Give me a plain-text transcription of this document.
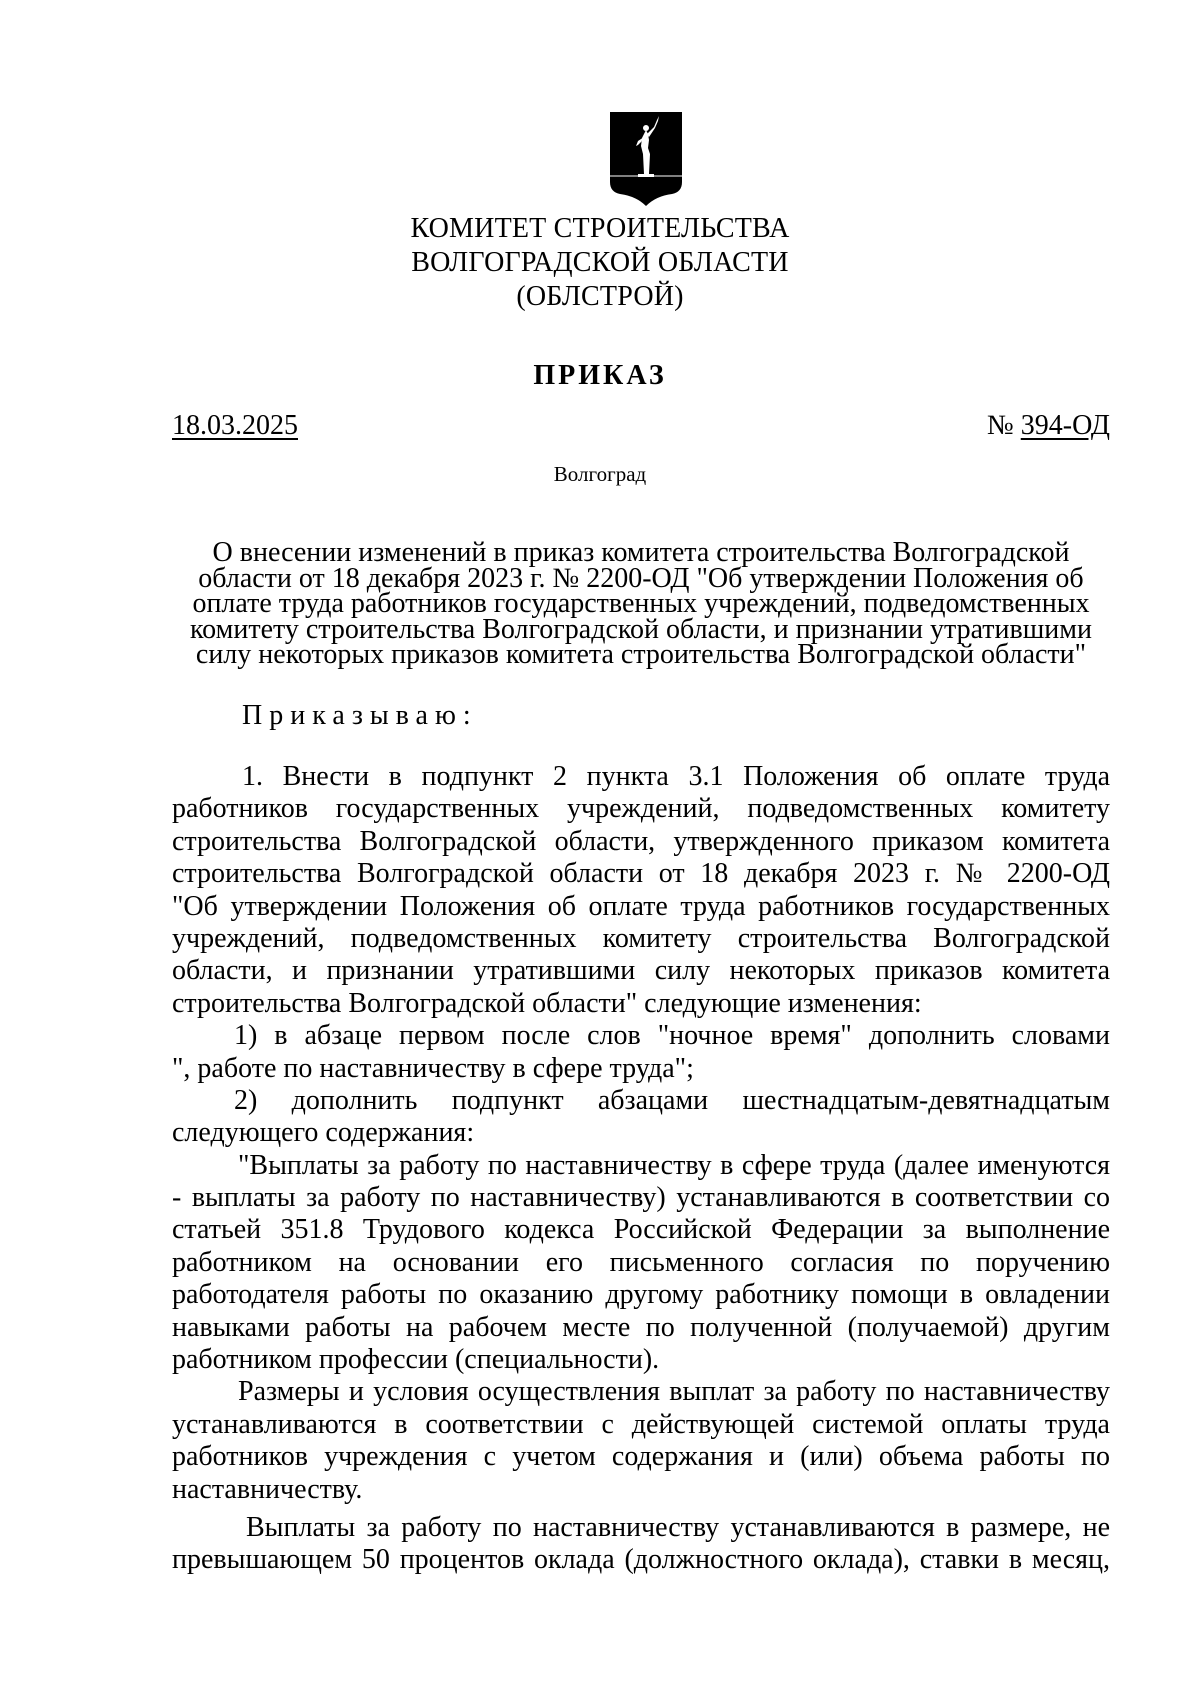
КОМИТЕТ СТРОИТЕЛЬСТВА
ВОЛГОГРАДСКОЙ ОБЛАСТИ
(ОБЛСТРОЙ)
ПРИКАЗ
18.03.2025	№ 394-ОД
Волгоград
О внесении изменений в приказ комитета строительства Волгоградской
области от 18 декабря 2023 г. № 2200-ОД "Об утверждении Положения об
оплате труда работников государственных учреждений, подведомственных
комитету строительства Волгоградской области, и признании утратившими
силу некоторых приказов комитета строительства Волгоградской области"
Приказываю:
1. Внести в подпункт 2 пункта 3.1 Положения об оплате труда
работников государственных учреждений, подведомственных комитету
строительства Волгоградской области, утвержденного приказом комитета
строительства Волгоградской области от 18 декабря 2023 г. № 2200-ОД
"Об утверждении Положения об оплате труда работников государственных
учреждений, подведомственных комитету строительства Волгоградской
области, и признании утратившими силу некоторых приказов комитета
строительства Волгоградской области" следующие изменения:
1) в абзаце первом после слов "ночное время" дополнить словами
", работе по наставничеству в сфере труда";
2) дополнить подпункт абзацами шестнадцатым-девятнадцатым
следующего содержания:
"Выплаты за работу по наставничеству в сфере труда (далее именуются
- выплаты за работу по наставничеству) устанавливаются в соответствии со
статьей 351.8 Трудового кодекса Российской Федерации за выполнение
работником на основании его письменного согласия по поручению
работодателя работы по оказанию другому работнику помощи в овладении
навыками работы на рабочем месте по полученной (получаемой) другим
работником профессии (специальности).
Размеры и условия осуществления выплат за работу по наставничеству
устанавливаются в соответствии с действующей системой оплаты труда
работников учреждения с учетом содержания и (или) объема работы по
наставничеству.
Выплаты за работу по наставничеству устанавливаются в размере, не
превышающем 50 процентов оклада (должностного оклада), ставки в месяц,
